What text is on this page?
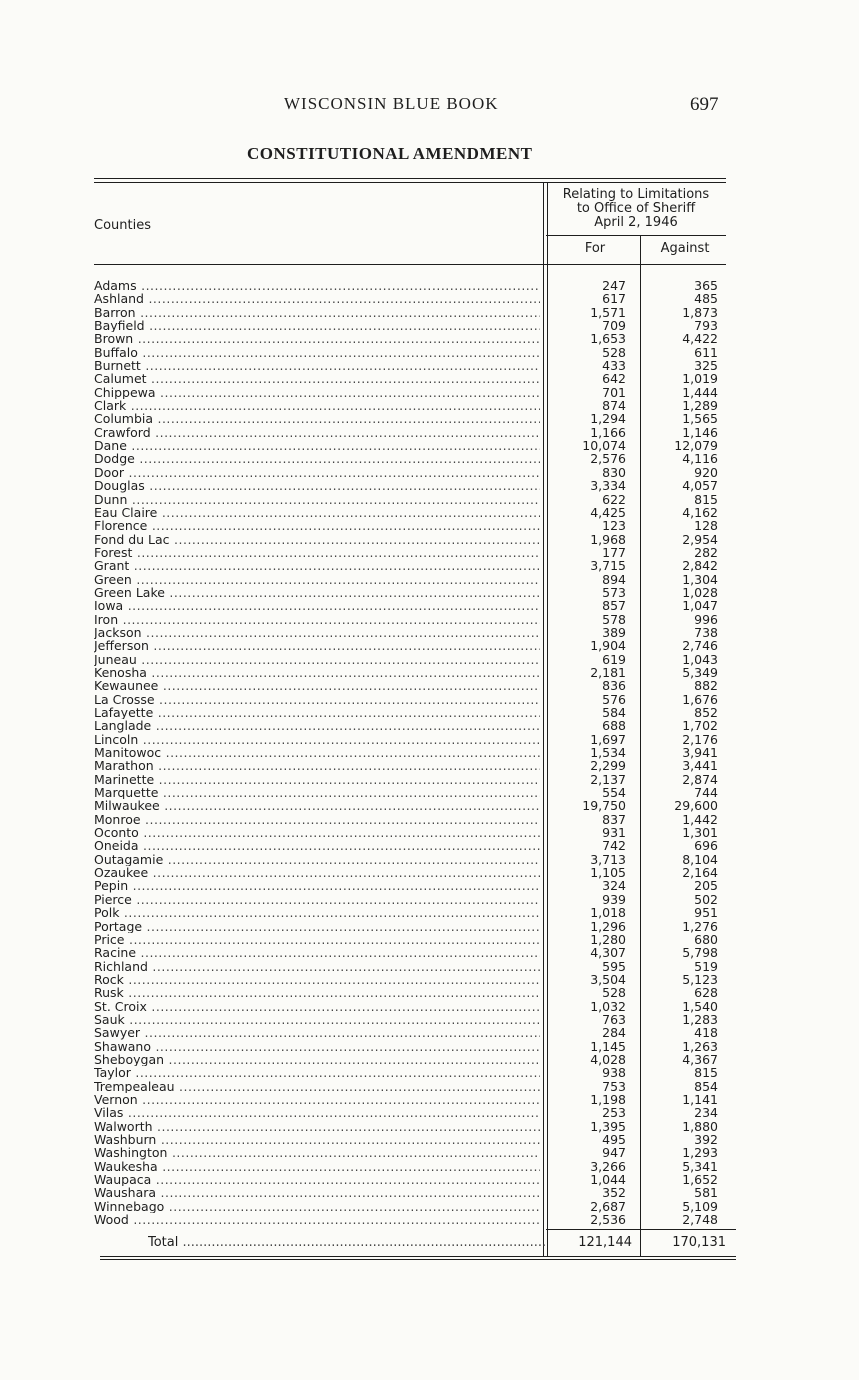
WISCONSIN BLUE BOOK	697
CONSTITUTIONAL AMENDMENT
Relating to Limitations
to Office of Sheriff
April 2, 1946
Counties
For	Against
Adams .....	247	365
Ashland .....	617	485
Barron .....	1,571	1,873
Bayfield .....	709	793
Brown .....	1,653	4,422
Buffalo .....	528	611
Burnett .....	433	325
Calumet .....	642	1,019
Chippewa .....	701	1,444
Clark .....	874	1,289
Columbia .....	1,294	1,565
Crawford .....	1,166	1,146
Dane .....	10,074	12,079
Dodge .....	2,576	4,116
Door .....	830	920
Douglas .....	3,334	4,057
Dunn .....	622	815
Eau Claire .....	4,425	4,162
Florence .....	123	128
Fond du Lac .....	1,968	2,954
Forest .....	177	282
Grant .....	3,715	2,842
Green .....	894	1,304
Green Lake .....	573	1,028
Iowa .....	857	1,047
Iron .....	578	996
Jackson .....	389	738
Jefferson .....	1,904	2,746
Juneau .....	619	1,043
Kenosha .....	2,181	5,349
Kewaunee .....	836	882
La Crosse .....	576	1,676
Lafayette .....	584	852
Langlade .....	688	1,702
Lincoln .....	1,697	2,176
Manitowoc .....	1,534	3,941
Marathon .....	2,299	3,441
Marinette .....	2,137	2,874
Marquette .....	554	744
Milwaukee .....	19,750	29,600
Monroe .....	837	1,442
Oconto .....	931	1,301
Oneida .....	742	696
Outagamie .....	3,713	8,104
Ozaukee .....	1,105	2,164
Pepin .....	324	205
Pierce .....	939	502
Polk .....	1,018	951
Portage .....	1,296	1,276
Price .....	1,280	680
Racine .....	4,307	5,798
Richland .....	595	519
Rock .....	3,504	5,123
Rusk .....	528	628
St. Croix .....	1,032	1,540
Sauk .....	763	1,283
Sawyer .....	284	418
Shawano .....	1,145	1,263
Sheboygan .....	4,028	4,367
Taylor .....	938	815
Trempealeau .....	753	854
Vernon .....	1,198	1,141
Vilas .....	253	234
Walworth .....	1,395	1,880
Washburn .....	495	392
Washington .....	947	1,293
Waukesha .....	3,266	5,341
Waupaca .....	1,044	1,652
Waushara .....	352	581
Winnebago .....	2,687	5,109
Wood .....	2,536	2,748
Total .....	121,144	170,131
